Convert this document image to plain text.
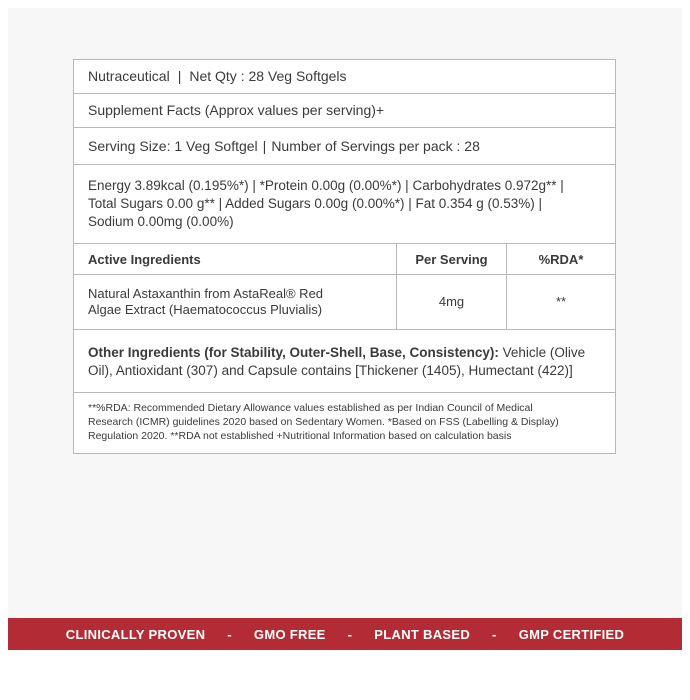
Nutraceutical | Net Qty : 28 Veg Softgels
Supplement Facts (Approx values per serving)+
Serving Size: 1 Veg Softgel | Number of Servings per pack : 28
Energy 3.89kcal (0.195%*) | *Protein 0.00g (0.00%*) | Carbohydrates 0.972g** |
Total Sugars 0.00 g** | Added Sugars 0.00g (0.00%*) | Fat 0.354 g (0.53%) |
Sodium 0.00mg (0.00%)
Active Ingredients	Per Serving	%RDA*
Natural Astaxanthin from AstaReal® Red
Algae Extract (Haematococcus Pluvialis)
4mg	**
Other Ingredients (for Stability, Outer-Shell, Base, Consistency): Vehicle (Olive Oil), Antioxidant (307) and Capsule contains [Thickener (1405), Humectant (422)]
**%RDA: Recommended Dietary Allowance values established as per Indian Council of Medical
Research (ICMR) guidelines 2020 based on Sedentary Women. *Based on FSS (Labelling & Display)
Regulation 2020. **RDA not established +Nutritional Information based on calculation basis
CLINICALLY PROVEN - GMO FREE - PLANT BASED - GMP CERTIFIED
